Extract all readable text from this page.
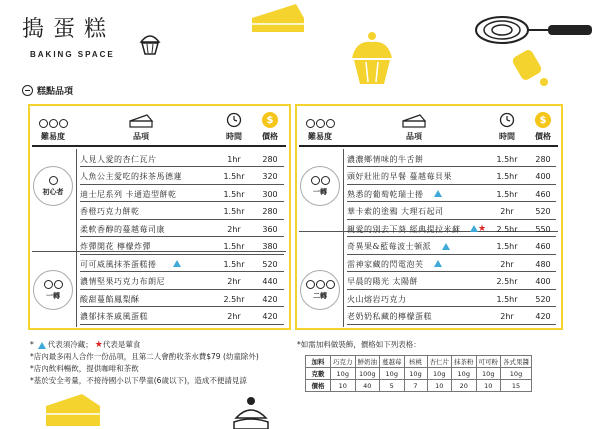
搗蛋糕
BAKING SPACE
糕點品項
難易度	品項	時間
$
價格
初心者
一轉
人見人愛的杏仁瓦片	1hr	280
人魚公主愛吃的抹茶馬德蓮	1.5hr	320
迪士尼系列 卡通造型餅乾	1.5hr	300
香橙巧克力餅乾	1.5hr	280
柔軟香醇的蔓越莓司康	2hr	360
炸彈開花 檸檬炸彈	1.5hr	380
可可威風抹茶蛋糕捲	1.5hr	520
濃情堅果巧克力布朗尼	2hr	440
酸甜蔓餡鳳梨酥	2.5hr	420
濃郁抹茶戚風蛋糕	2hr	420
難易度	品項	時間
$
價格
一轉
二轉
濃濃鄉情味的牛舌餅	1.5hr	280
頭好壯壯的早餐 蔓越莓貝果	1.5hr	400
熟悉的葡萄乾瑞士捲	1.5hr	460
華卡索的塗鴉 大理石起司	2hr	520
親愛的別去下葵 經典提拉米蘇 ★	2.5hr	550
奇異果&藍莓波士頓派	1.5hr	460
雷神家藏的閃電泡芙	2hr	480
早晨的陽光 太陽餅	2.5hr	400
火山熔岩巧克力	1.5hr	520
老奶奶私藏的檸檬蛋糕	2hr	420
* 代表須冷藏； ★ 代表是葷食
*店內最多兩人合作一份品項，且第二人會酌收茶水費$79 (幼童除外)
*店內飲料暢飲，提供咖啡和茶飲
*基於安全考量，不接待國小以下學童(6歲以下)，造成不便請見諒
*如需加料做裝飾，價格如下列表格：
加料	巧克力	鮮奶油	蔓越莓	核桃	杏仁片	抹茶粉	可可粉	各式果醬
克數	10g	100g	10g	10g	10g	10g	10g	10g
價格	10	40	5	7	10	20	10	15
